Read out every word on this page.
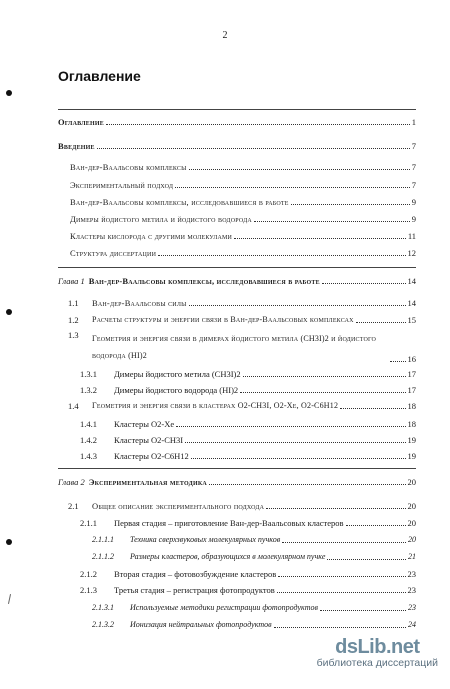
2
Оглавление
Оглавление	1
Введение	7
Ван-дер-Ваальсовы комплексы	7
Экспериментальный подход	7
Ван-дер-Ваальсовы комплексы, исследовавшиеся в работе	9
Димеры йодистого метила и йодистого водорода	9
Кластеры кислорода с другими молекулами	11
Структура диссертации	12
Глава 1 Ван-дер-Ваальсовы комплексы, исследовавшиеся в работе	14
1.1	Ван-дер-Ваальсовы силы	14
1.2	Расчеты структуры и энергии связи в Ван-дер-Ваальсовых комплексах	15
1.3	Геометрия и энергия связи в димерах йодистого метила (CH3I)2 и йодистого водорода (HI)2	16
1.3.1	Димеры йодистого метила (CH3I)2	17
1.3.2	Димеры йодистого водорода (HI)2	17
1.4	Геометрия и энергия связи в кластерах O2-CH3I, O2-Xe, O2-C6H12	18
1.4.1	Кластеры O2-Xe	18
1.4.2	Кластеры O2-CH3I	19
1.4.3	Кластеры O2-C6H12	19
Глава 2 Экспериментальная методика	20
2.1	Общее описание экспериментального подхода	20
2.1.1	Первая стадия – приготовление Ван-дер-Ваальсовых кластеров	20
2.1.1.1	Техника сверхзвуковых молекулярных пучков	20
2.1.1.2	Размеры кластеров, образующихся в молекулярном пучке	21
2.1.2	Вторая стадия – фотовозбуждение кластеров	23
2.1.3	Третья стадия – регистрация фотопродуктов	23
2.1.3.1	Используемые методики регистрации фотопродуктов	23
2.1.3.2	Ионизация нейтральных фотопродуктов	24
dsLib.net
библиотека диссертаций
